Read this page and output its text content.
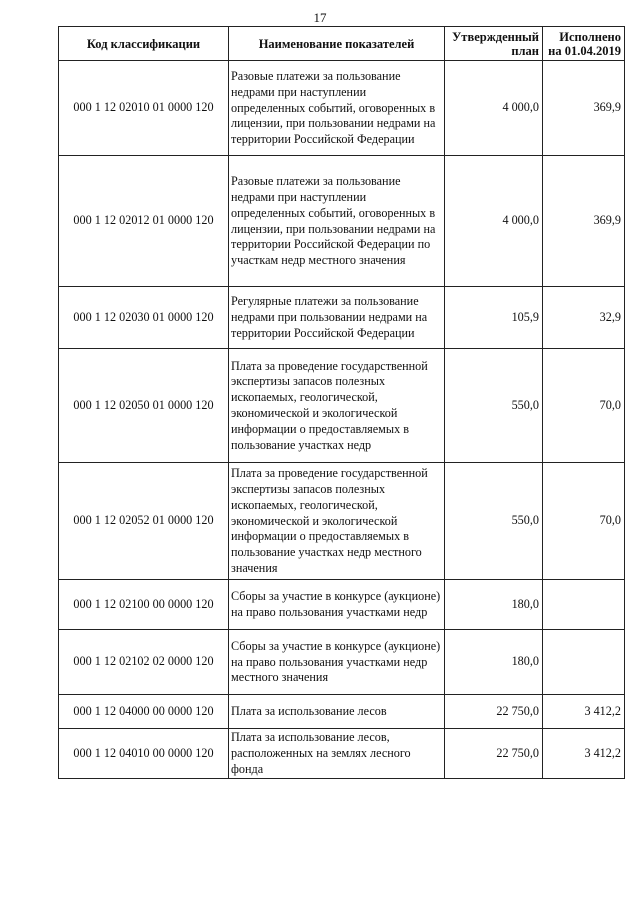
17
Код классификации	Наименование показателей	Утвержденный план	Исполнено на 01.04.2019
000 1 12 02010 01 0000 120	Разовые платежи за пользование недрами при наступлении определенных событий, оговоренных в лицензии, при пользовании недрами на территории Российской Федерации	4 000,0	369,9
000 1 12 02012 01 0000 120	Разовые платежи за пользование недрами при наступлении определенных событий, оговоренных в лицензии, при пользовании недрами на территории Российской Федерации по участкам недр местного значения	4 000,0	369,9
000 1 12 02030 01 0000 120	Регулярные платежи за пользование недрами при пользовании недрами на территории Российской Федерации	105,9	32,9
000 1 12 02050 01 0000 120	Плата за проведение государственной экспертизы запасов полезных ископаемых, геологической, экономической и экологической информации о предоставляемых в пользование участках недр	550,0	70,0
000 1 12 02052 01 0000 120	Плата за проведение государственной экспертизы запасов полезных ископаемых, геологической, экономической и экологической информации о предоставляемых в пользование участках недр местного значения	550,0	70,0
000 1 12 02100 00 0000 120	Сборы за участие в конкурсе (аукционе) на право пользования участками недр	180,0	
000 1 12 02102 02 0000 120	Сборы за участие в конкурсе (аукционе) на право пользования участками недр местного значения	180,0	
000 1 12 04000 00 0000 120	Плата за использование лесов	22 750,0	3 412,2
000 1 12 04010 00 0000 120	Плата за использование лесов, расположенных на землях лесного фонда	22 750,0	3 412,2
